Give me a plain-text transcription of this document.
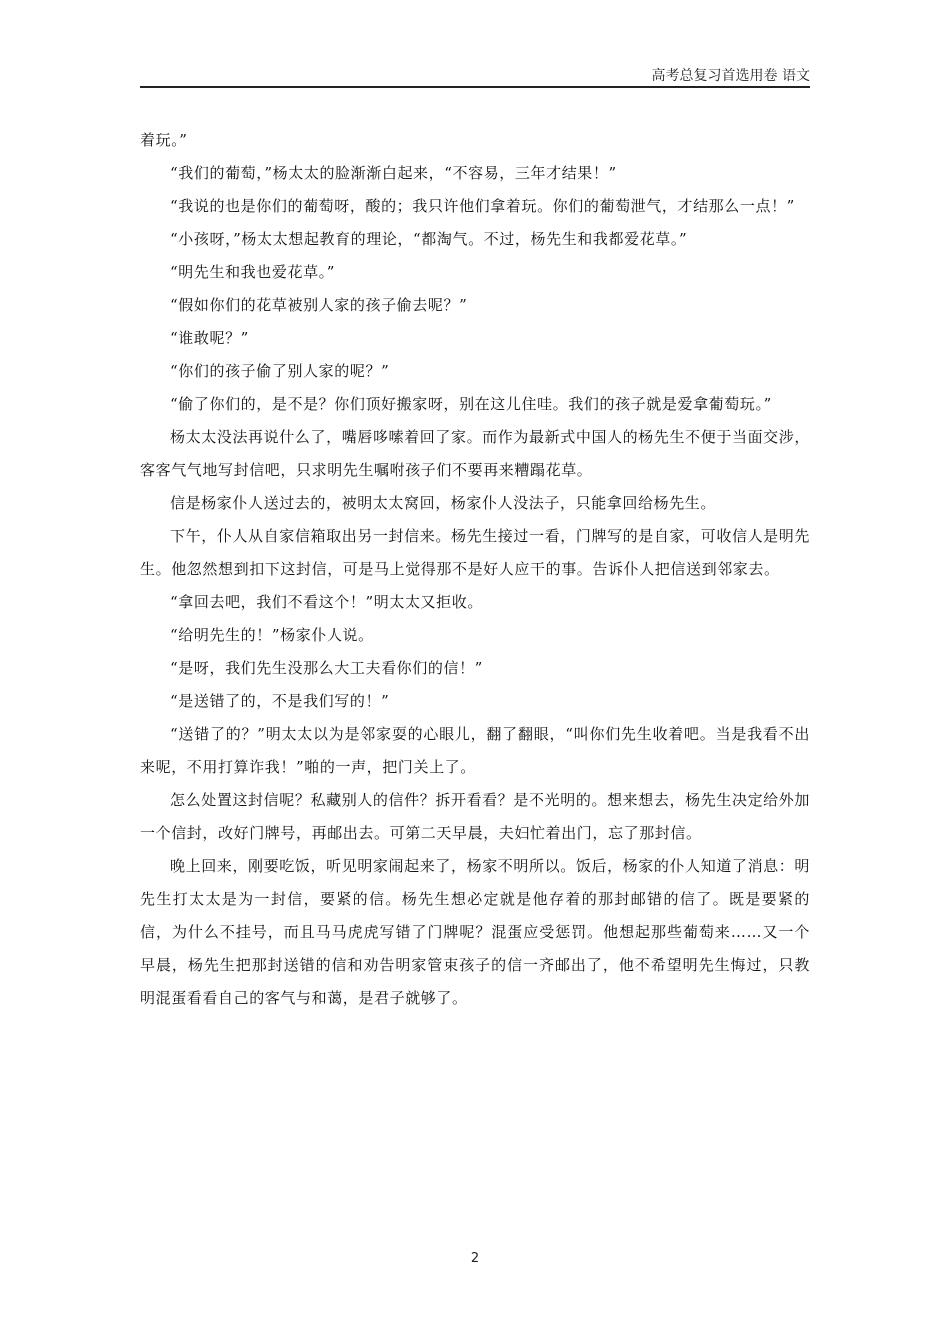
高考总复习首选用卷 语文

着玩。”

“我们的葡萄，”杨太太的脸渐渐白起来，“不容易，三年才结果！”

“我说的也是你们的葡萄呀，酸的；我只许他们拿着玩。你们的葡萄泄气，才结那么一点！”

“小孩呀，”杨太太想起教育的理论，“都淘气。不过，杨先生和我都爱花草。”

“明先生和我也爱花草。”

“假如你们的花草被别人家的孩子偷去呢？”

“谁敢呢？”

“你们的孩子偷了别人家的呢？”

“偷了你们的，是不是？你们顶好搬家呀，别在这儿住哇。我们的孩子就是爱拿葡萄玩。”

杨太太没法再说什么了，嘴唇哆嗦着回了家。而作为最新式中国人的杨先生不便于当面交涉，客客气气地写封信吧，只求明先生嘱咐孩子们不要再来糟蹋花草。

信是杨家仆人送过去的，被明太太窝回，杨家仆人没法子，只能拿回给杨先生。

下午，仆人从自家信箱取出另一封信来。杨先生接过一看，门牌写的是自家，可收信人是明先生。他忽然想到扣下这封信，可是马上觉得那不是好人应干的事。告诉仆人把信送到邻家去。

“拿回去吧，我们不看这个！”明太太又拒收。

“给明先生的！”杨家仆人说。

“是呀，我们先生没那么大工夫看你们的信！”

“是送错了的，不是我们写的！”

“送错了的？”明太太以为是邻家耍的心眼儿，翻了翻眼，“叫你们先生收着吧。当是我看不出来呢，不用打算诈我！”啪的一声，把门关上了。

怎么处置这封信呢？私藏别人的信件？拆开看看？是不光明的。想来想去，杨先生决定给外加一个信封，改好门牌号，再邮出去。可第二天早晨，夫妇忙着出门，忘了那封信。

晚上回来，刚要吃饭，听见明家闹起来了，杨家不明所以。饭后，杨家的仆人知道了消息：明先生打太太是为一封信，要紧的信。杨先生想必定就是他存着的那封邮错的信了。既是要紧的信，为什么不挂号，而且马马虎虎写错了门牌呢？混蛋应受惩罚。他想起那些葡萄来……又一个早晨，杨先生把那封送错的信和劝告明家管束孩子的信一齐邮出了，他不希望明先生悔过，只教明混蛋看看自己的客气与和蔼，是君子就够了。

2
